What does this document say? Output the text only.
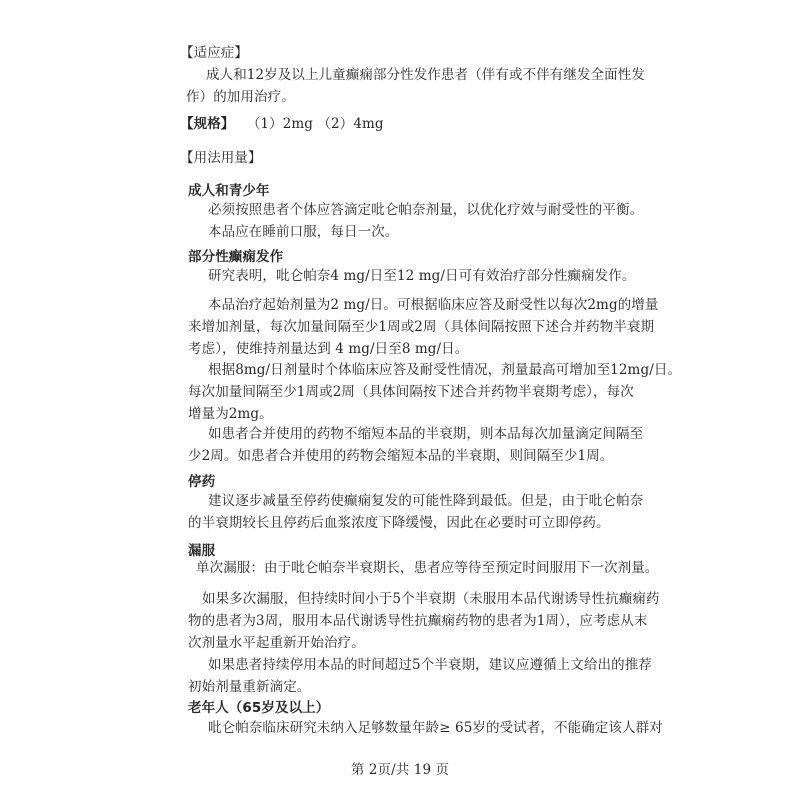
【适应症】
成人和12岁及以上儿童癫痫部分性发作患者（伴有或不伴有继发全面性发
作）的加用治疗。
【规格】 （1）2mg （2）4mg
【用法用量】
成人和青少年
必须按照患者个体应答滴定吡仑帕奈剂量，以优化疗效与耐受性的平衡。
本品应在睡前口服，每日一次。
部分性癫痫发作
研究表明，吡仑帕奈4 mg/日至12 mg/日可有效治疗部分性癫痫发作。
本品治疗起始剂量为2 mg/日。可根据临床应答及耐受性以每次2mg的增量
来增加剂量，每次加量间隔至少1周或2周（具体间隔按照下述合并药物半衰期
考虑），使维持剂量达到 4 mg/日至8 mg/日。
根据8mg/日剂量时个体临床应答及耐受性情况，剂量最高可增加至12mg/日。
每次加量间隔至少1周或2周（具体间隔按下述合并药物半衰期考虑），每次
增量为2mg。
如患者合并使用的药物不缩短本品的半衰期，则本品每次加量滴定间隔至
少2周。如患者合并使用的药物会缩短本品的半衰期，则间隔至少1周。
停药
建议逐步减量至停药使癫痫复发的可能性降到最低。但是，由于吡仑帕奈
的半衰期较长且停药后血浆浓度下降缓慢，因此在必要时可立即停药。
漏服
单次漏服：由于吡仑帕奈半衰期长，患者应等待至预定时间服用下一次剂量。
如果多次漏服，但持续时间小于5个半衰期（未服用本品代谢诱导性抗癫痫药
物的患者为3周，服用本品代谢诱导性抗癫痫药物的患者为1周），应考虑从末
次剂量水平起重新开始治疗。
如果患者持续停用本品的时间超过5个半衰期，建议应遵循上文给出的推荐
初始剂量重新滴定。
老年人（65岁及以上）
吡仑帕奈临床研究未纳入足够数量年龄≥ 65岁的受试者，不能确定该人群对
第 2页/共 19 页
